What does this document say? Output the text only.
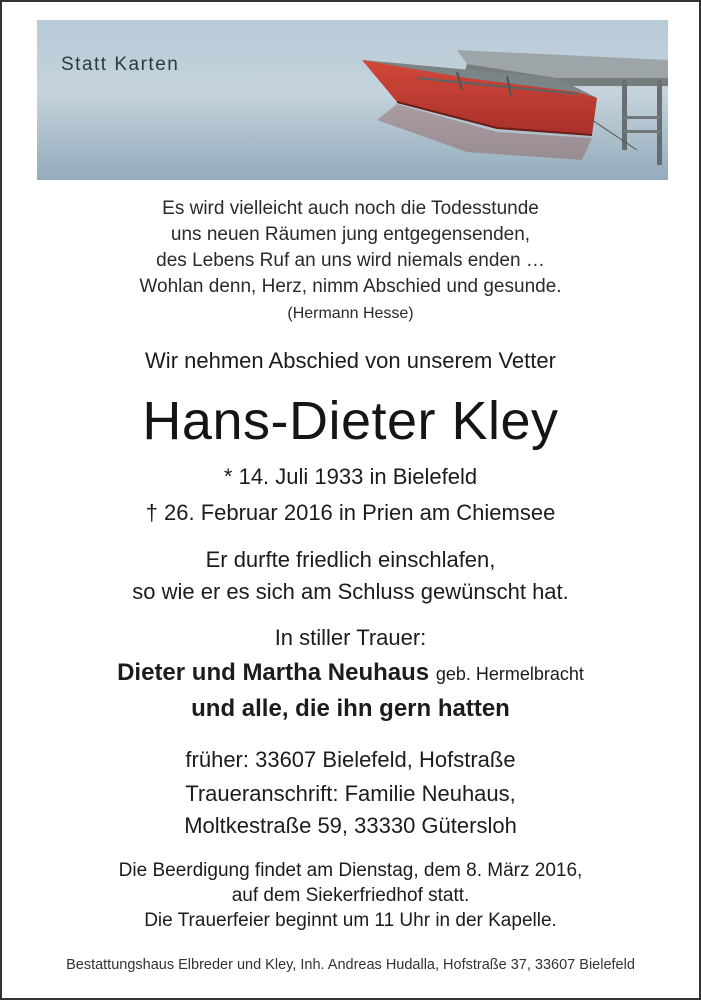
Statt Karten
Es wird vielleicht auch noch die Todesstunde
uns neuen Räumen jung entgegensenden,
des Lebens Ruf an uns wird niemals enden …
Wohlan denn, Herz, nimm Abschied und gesunde.
(Hermann Hesse)
Wir nehmen Abschied von unserem Vetter
Hans-Dieter Kley
* 14. Juli 1933 in Bielefeld
† 26. Februar 2016 in Prien am Chiemsee
Er durfte friedlich einschlafen,
so wie er es sich am Schluss gewünscht hat.
In stiller Trauer:
Dieter und Martha Neuhaus geb. Hermelbracht
und alle, die ihn gern hatten
früher: 33607 Bielefeld, Hofstraße
Traueranschrift: Familie Neuhaus,
Moltkestraße 59, 33330 Gütersloh
Die Beerdigung findet am Dienstag, dem 8. März 2016,
auf dem Siekerfriedhof statt.
Die Trauerfeier beginnt um 11 Uhr in der Kapelle.
Bestattungshaus Elbreder und Kley, Inh. Andreas Hudalla, Hofstraße 37, 33607 Bielefeld
